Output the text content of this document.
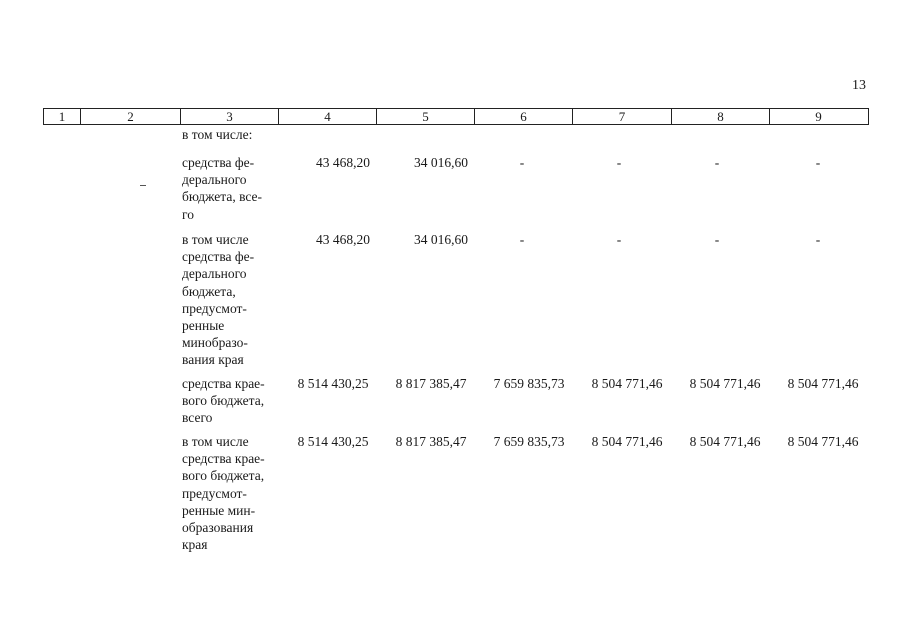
13
1	2	3	4	5	6	7	8	9
в том числе:
средства фе-
дерального
бюджета, все-
го
43 468,20	34 016,60	-	-	-	-
в том числе
средства фе-
дерального
бюджета,
предусмот-
ренные
минобразо-
вания края
43 468,20	34 016,60	-	-	-	-
средства крае-
вого бюджета,
всего
8 514 430,25	8 817 385,47	7 659 835,73	8 504 771,46	8 504 771,46	8 504 771,46
в том числе
средства крае-
вого бюджета,
предусмот-
ренные мин-
образования
края
8 514 430,25	8 817 385,47	7 659 835,73	8 504 771,46	8 504 771,46	8 504 771,46
